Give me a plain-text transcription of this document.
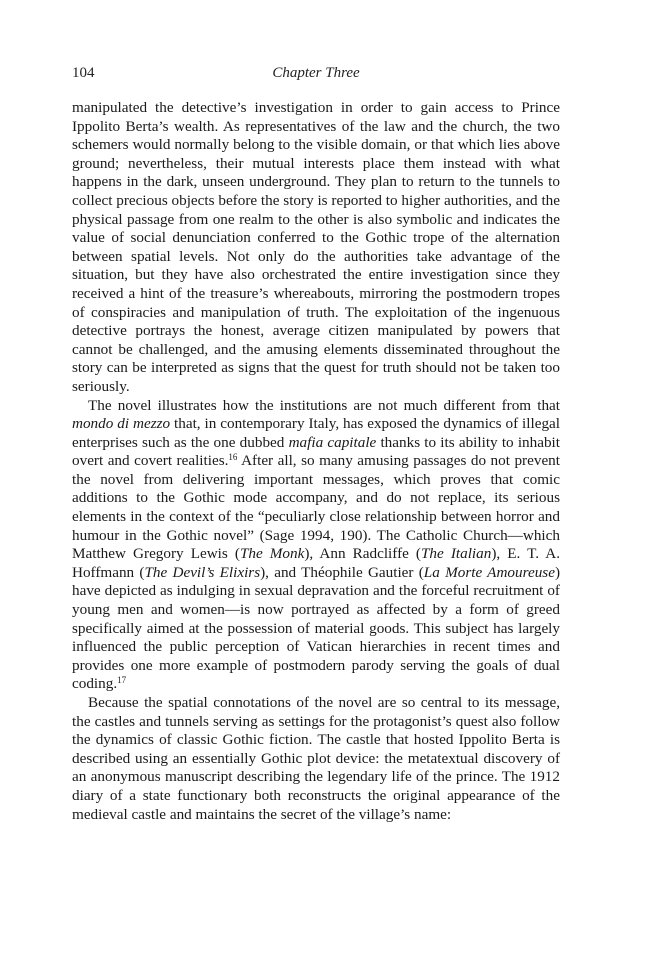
104	Chapter Three

manipulated the detective’s investigation in order to gain access to Prince Ippolito Berta’s wealth. As representatives of the law and the church, the two schemers would normally belong to the visible domain, or that which lies above ground; nevertheless, their mutual interests place them instead with what happens in the dark, unseen underground. They plan to return to the tunnels to collect precious objects before the story is reported to higher authorities, and the physical passage from one realm to the other is also symbolic and indicates the value of social denunciation conferred to the Gothic trope of the alternation between spatial levels. Not only do the authorities take advantage of the situation, but they have also orchestrated the entire investigation since they received a hint of the treasure’s whereabouts, mirroring the postmodern tropes of conspiracies and manipulation of truth. The exploitation of the ingenuous detective portrays the honest, average citizen manipulated by powers that cannot be challenged, and the amusing elements disseminated throughout the story can be interpreted as signs that the quest for truth should not be taken too seriously.

The novel illustrates how the institutions are not much different from that mondo di mezzo that, in contemporary Italy, has exposed the dynamics of illegal enterprises such as the one dubbed mafia capitale thanks to its ability to inhabit overt and covert realities.$^{16}$ After all, so many amusing passages do not prevent the novel from delivering important messages, which proves that comic additions to the Gothic mode accompany, and do not replace, its serious elements in the context of the “peculiarly close relationship between horror and humour in the Gothic novel” (Sage 1994, 190). The Catholic Church—which Matthew Gregory Lewis (The Monk), Ann Radcliffe (The Italian), E. T. A. Hoffmann (The Devil’s Elixirs), and Théophile Gautier (La Morte Amoureuse) have depicted as indulging in sexual depravation and the forceful recruitment of young men and women—is now portrayed as affected by a form of greed specifically aimed at the possession of material goods. This subject has largely influenced the public perception of Vatican hierarchies in recent times and provides one more example of postmodern parody serving the goals of dual coding.$^{17}$

Because the spatial connotations of the novel are so central to its message, the castles and tunnels serving as settings for the protagonist’s quest also follow the dynamics of classic Gothic fiction. The castle that hosted Ippolito Berta is described using an essentially Gothic plot device: the metatextual discovery of an anonymous manuscript describing the legendary life of the prince. The 1912 diary of a state functionary both reconstructs the original appearance of the medieval castle and maintains the secret of the village’s name:
